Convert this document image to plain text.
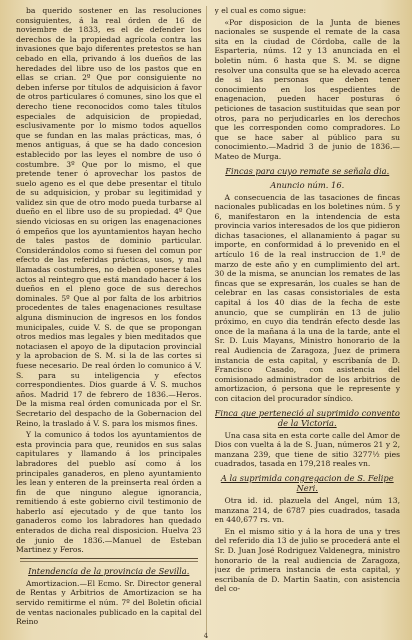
ba querido sostener en las resoluciones consiguientes, á la real órden de 16 de noviembre de 1833, es el de defender los derechos de la propiedad agrícola contra las invasiones que bajo diferentes pretestos se han cebado en ella, privando á los dueños de las heredades del libre uso de los pastos que en ellas se crian. 2º Que por consiguiente no deben inferse por títulos de adquisicion á favor de otros particulares ó comunes, sino los que el derecho tiene reconocidos como tales títulos especiales de adquisicion de propiedad, esclusivamente por lo mismo todos aquellos que se fundan en las malas prácticas, mas, ó menos antiguas, á que se ha dado concesion establecido por las leyes el nombre de uso ó costumbre. 3º Que por lo mismo, el que pretende tener ó aprovechar los pastos de suelo ageno es el que debe presentar el título de su adquisicion, y probar su legitimidad y validez sin que de otro modo pueda turbarse al dueño en el libre uso de su propiedad. 4º Que siendo viciosas en su origen las enagenaciones ó empeños que los ayuntamientos hayan hecho de tales pastos de dominio particular. Considerándolos como si fuesen del comun por efecto de las referidas prácticas, usos, y mal llamadas costumbres, no deben oponerse tales actos al reintegro que está mandado hacer á los dueños en el pleno goce de sus derechos dominales. 5º Que al por falta de los arbitrios procedentes de tales enagenaciones resultase alguna disminucion de ingresos en los fondos municipales, cuide V. S. de que se propongan otros medios mas legales y bien meditados que notaciasen el apoyo de la diputacion provincial y la aprobacion de S. M. si la de las cortes si fuese necesario. De real órden lo comunico á V. S. para su inteligencia y efectos correspondientes. Dios guarde á V. S. muchos años. Madrid 17 de febrero de 1836.—Heros. De la misma real órden comunicada por el Sr. Secretario del despacho de la Gobernacion del Reino, la traslado á V. S. para los mismos fines.

Y la comunico á todos los ayuntamientos de esta provincia para que, reunidos en sus salas capitulares y llamando á los principales labradores del pueblo así como á los principales ganaderos, en pleno ayuntamiento les lean y enteren de la preinserta real órden a fin de que ninguno alegue ignorancia, remitiendo á este gobierno civil testimonio de haberlo así ejecutado y de que tanto los ganaderos como los labradores han quedado enterados de dicha real disposicion. Huelva 23 de junio de 1836.—Manuel de Esteban Martinez y Feros.

Intendencia de la provincia de Sevilla.

Amortizacion.—El Ecmo. Sr. Director general de Rentas y Arbitrios de Amortizacion se ha servido remitirme el núm. 7º del Boletin oficial de ventas nacionales publicado en la capital del Reino

y el cual es como sigue:

«Por disposicion de la Junta de bienes nacionales se suspende el remate de la casa sita en la ciudad de Córdoba, calle de la Esparteria, núms. 12 y 13 anunciada en el boletin núm. 6 hasta que S. M. se digne resolver una consulta que se ha elevado acerca de si las personas que deben tener conocimiento en los espedientes de enagenacion, pueden hacer posturas ó peticiones de tasacion sustituidas que sean por otros, para no perjudicarles en los derechos que les corresponden como compradores. Lo que se hace saber al público para su conocimiento.—Madrid 3 de junio de 1836.—Mateo de Murga.

Fincas para cuyo remate se señala dia.
Anuncio núm. 16.

A consecuencia de las tasaciones de fincas nacionales publicadas en los boletines núm. 5 y 6, manifestaron en la intendencia de esta provincia varios interesados de los que pidieron dichas tasaciones, el allanamiento á pagar su importe, en conformidad á lo prevenido en el artículo 16 de la real instruccion de 1.º de marzo de este año y en cumplimiento del art. 30 de la misma, se anuncian los remates de las fincas que se expresarán, los cuales se han de celebrar en las casas consistoriales de esta capital á los 40 dias de la fecha de este anuncio, que se cumplirán en 13 de julio próximo, en cuyo dia tendrán efecto desde las once de la mañana á la una de la tarde, ante el Sr. D. Luis Mayans, Ministro honorario de la real Audiencia de Zaragoza, Juez de primera instancia de esta capital, y escribanía de D. Francisco Casado, con asistencia del comisionado administrador de los arbitrios de amortizacion, ó persona que le represente y con citacion del procurador síndico.

Finca que perteneció al suprimido convento de la Victoria.

Una casa sita en esta corte calle del Amor de Dios con vuelta á la de S. Juan, números 21 y 2, manzana 239, que tiene de sitio 3277½ pies cuadrados, tasada en 179,218 reales vn.

A la suprimida congregacion de S. Felipe Neri.

Otra id. id. plazuela del Angel, núm 13, manzana 214, de 6787 pies cuadrados, tasada en 440,677 rs. vn.

En el mismo sitio y á la hora de una y tres del referido dia 13 de julio se procederá ante el Sr. D. Juan José Rodriguez Valdenegra, ministro honorario de la real audiencia de Zaragoza, juez de primera instancia de esta capital, y escribanía de D. Martin Saatin, con asistencia del co-

4
